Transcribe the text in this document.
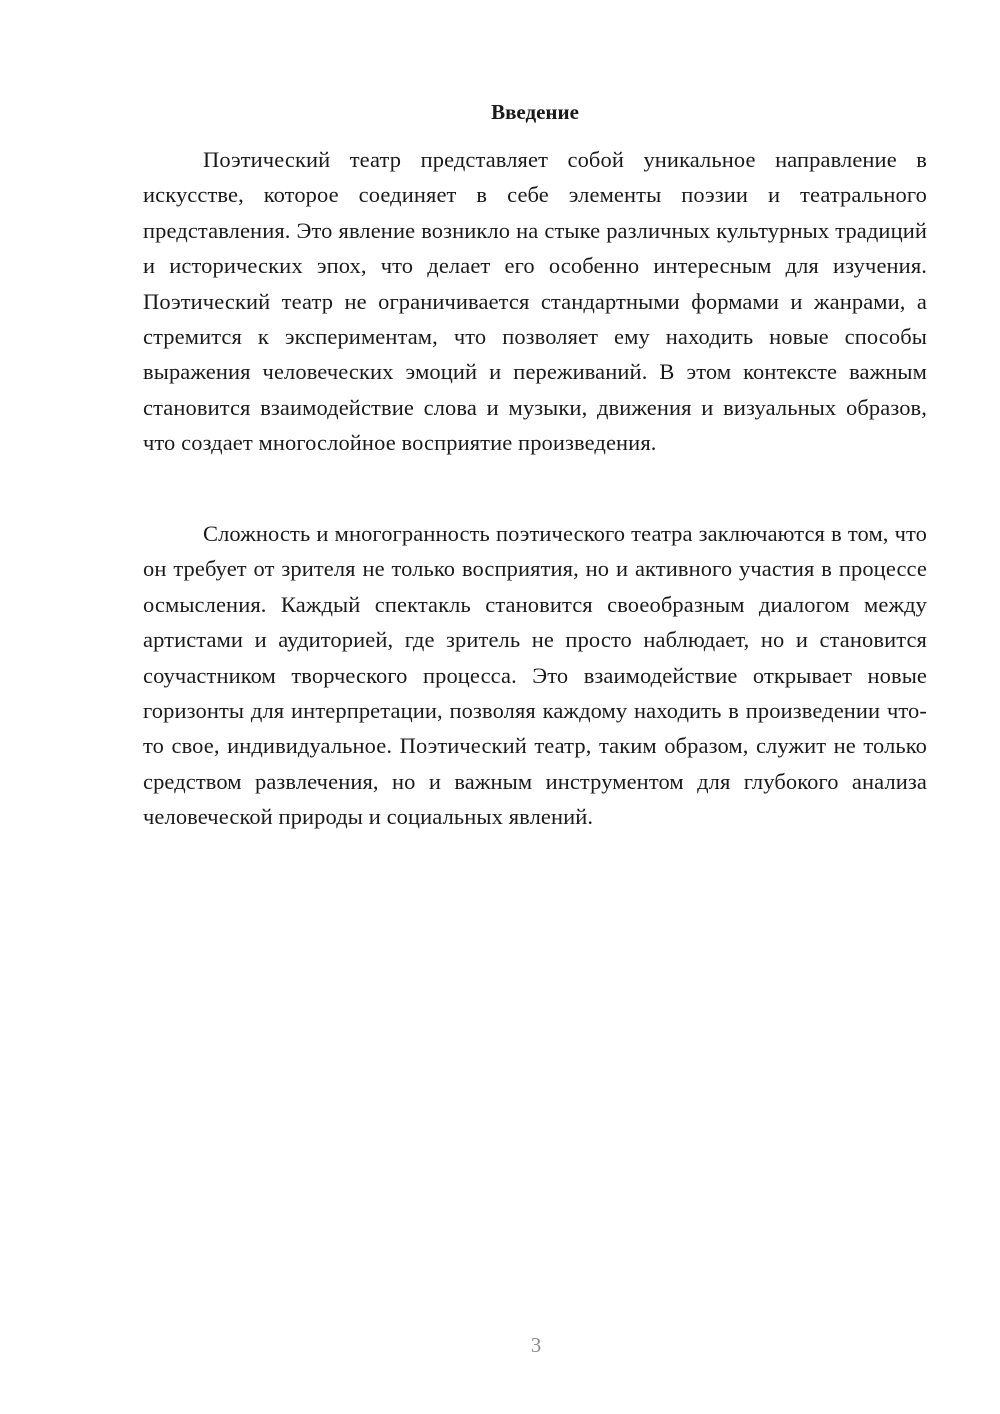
Введение

Поэтический театр представляет собой уникальное направление в искусстве, которое соединяет в себе элементы поэзии и театрального представления. Это явление возникло на стыке различных культурных традиций и исторических эпох, что делает его особенно интересным для изучения. Поэтический театр не ограничивается стандартными формами и жанрами, а стремится к экспериментам, что позволяет ему находить новые способы выражения человеческих эмоций и переживаний. В этом контексте важным становится взаимодействие слова и музыки, движения и визуальных образов, что создает многослойное восприятие произведения.

Сложность и многогранность поэтического театра заключаются в том, что он требует от зрителя не только восприятия, но и активного участия в процессе осмысления. Каждый спектакль становится своеобразным диалогом между артистами и аудиторией, где зритель не просто наблюдает, но и становится соучастником творческого процесса. Это взаимодействие открывает новые горизонты для интерпретации, позволяя каждому находить в произведении что-то свое, индивидуальное. Поэтический театр, таким образом, служит не только средством развлечения, но и важным инструментом для глубокого анализа человеческой природы и социальных явлений.

3
